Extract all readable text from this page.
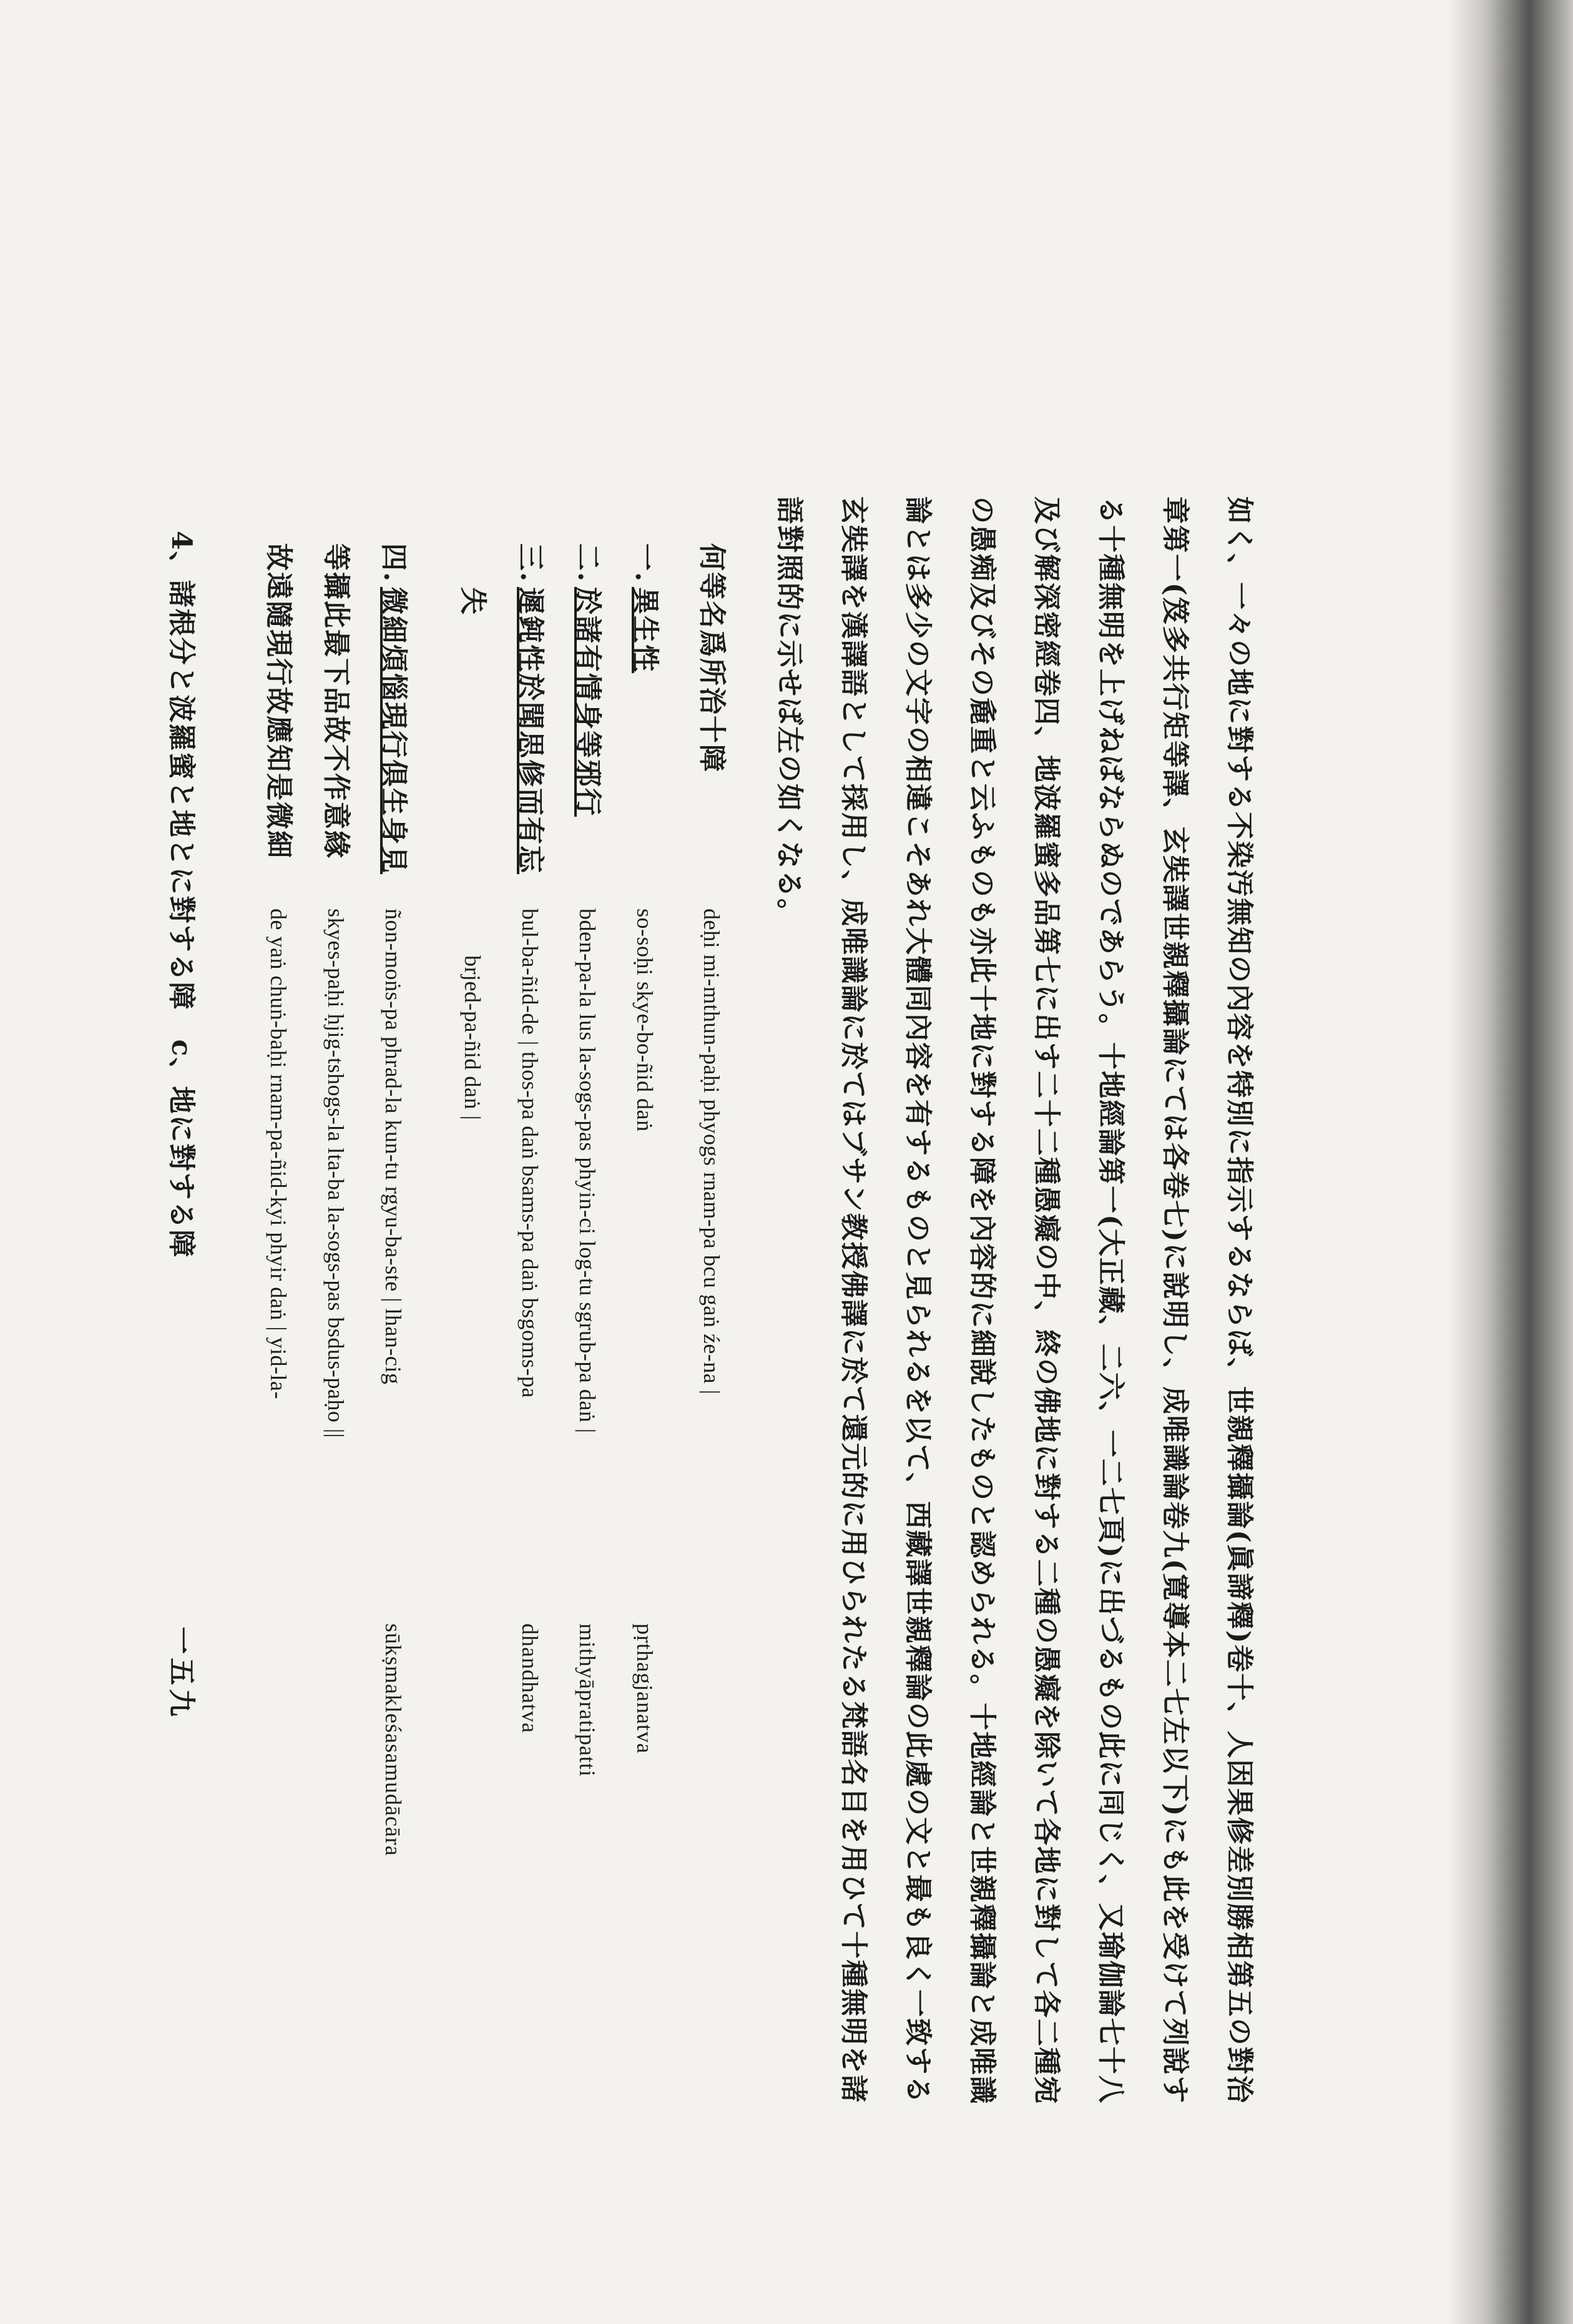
如く、一々の地に對する不染汚無知の內容を特別に指示するならば、世親釋攝論(眞諦釋)卷十、人因果修差別勝相第五の對治
章第一(笈多共行矩等譯、玄奘譯世親釋攝論にては各卷七)に說明し、成唯識論卷九(寛導本二七左以下)にも此を受けて列說す
る十種無明を上げねばならぬのであらう。十地經論第一(大正藏、二六、一二七頁)に出づるもの此に同じく、又瑜伽論七十八
及び解深密經卷四、地波羅蜜多品第七に出す二十二種愚癡の中、終の佛地に對する二種の愚癡を除いて各地に對して各二種宛
の愚痴及びその麁重と云ふものも亦此十地に對する障を內容的に細說したものと認められる。十地經論と世親釋攝論と成唯識
論とは多少の文字の相違こそあれ大體同內容を有するものと見られるを以て、西藏譯世親釋論の此處の文と最も良く一致する
玄奘譯を漢譯語として採用し、成唯識論に於てはブサン教授佛譯に於て還元的に用ひられたる梵語名目を用ひて十種無明を諸
語對照的に示せば左の如くなる。
何等名爲所治十障
deḥi mi-mthun-paḥi phyogs rnam-pa bcu gaṅ źe-na |
一.
異生性
so-soḥi skye-bo-ñid daṅ
pṛthagjanatva
二.
於諸有情身等邪行
bden-pa-la lus la-sogs-pas phyin-ci log-tu sgrub-pa daṅ |
mithyāpratipatti
三.
遲鈍性於聞思修而有忘
bul-ba-ñid-de | thos-pa daṅ bsams-pa daṅ bsgoms-pa
dhandhatva
失
brjed-pa-ñid daṅ |
四.
微細煩惱現行俱生身見
ñon-moṅs-pa phrad-la kun-tu rgyu-ba-ste | lhan-cig
sūkṣmakleśasamudācāra
等攝此最下品故不作意緣
skyes-paḥi ḥjig-tshogs-la lta-ba la-sogs-pas bsdus-paḥo ||
故遠隨現行故應知是微細
de yaṅ chuṅ-baḥi rnam-pa-ñid-kyi phyir daṅ | yid-la-
4、諸根分と波羅蜜と地とに對する障　c、地に對する障
一五九
